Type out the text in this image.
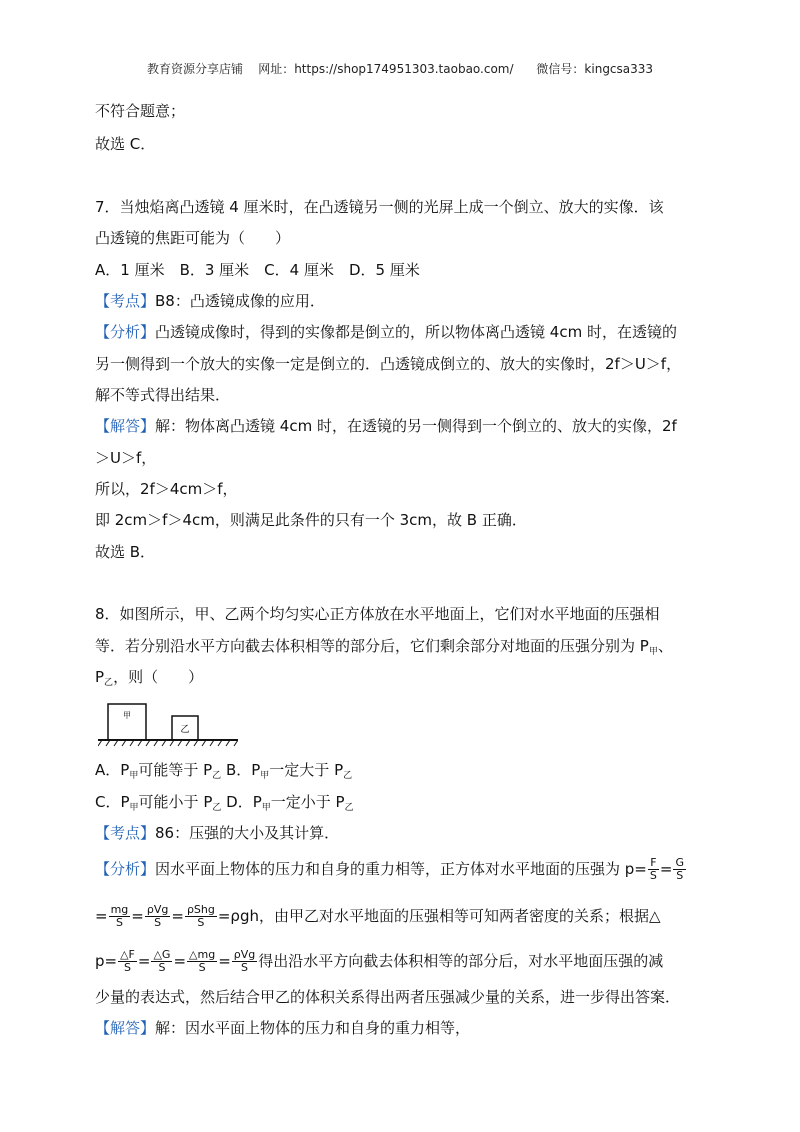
教育资源分享店铺    网址：https://shop174951303.taobao.com/      微信号：kingcsa333
不符合题意；
故选 C．
7．当烛焰离凸透镜 4 厘米时，在凸透镜另一侧的光屏上成一个倒立、放大的实像．该
凸透镜的焦距可能为（　　）
A．1 厘米　B．3 厘米　C．4 厘米　D．5 厘米
【考点】B8：凸透镜成像的应用．
【分析】凸透镜成像时，得到的实像都是倒立的，所以物体离凸透镜 4cm 时，在透镜的
另一侧得到一个放大的实像一定是倒立的．凸透镜成倒立的、放大的实像时，2f＞U＞f，
解不等式得出结果．
【解答】解：物体离凸透镜 4cm 时，在透镜的另一侧得到一个倒立的、放大的实像，2f
＞U＞f，
所以，2f＞4cm＞f，
即 2cm＞f＞4cm，则满足此条件的只有一个 3cm，故 B 正确．
故选 B．
8．如图所示，甲、乙两个均匀实心正方体放在水平地面上，它们对水平地面的压强相
等．若分别沿水平方向截去体积相等的部分后，它们剩余部分对地面的压强分别为 $P_甲$、
$P_乙$，则（　　）
甲
乙
A．$P_甲$可能等于 $P_乙$ B．$P_甲$一定大于 $P_乙$
C．$P_甲$可能小于 $P_乙$ D．$P_甲$一定小于 $P_乙$
【考点】86：压强的大小及其计算．
【分析】因水平面上物体的压力和自身的重力相等，正方体对水平地面的压强为 $p= \frac{F}{S} = \frac{G}{S}$
= $\frac{mg}{S} = \frac{\text{ρVg}}{S} = \frac{\text{ρShg}}{S} =\rho gh$，由甲乙对水平地面的压强相等可知两者密度的关系；根据△
$p= \frac{\triangle F}{S} = \frac{\triangle G}{S} = \frac{\triangle mg}{S} = \frac{\text{ρVg}}{S}$ 得出沿水平方向截去体积相等的部分后，对水平地面压强的减
少量的表达式，然后结合甲乙的体积关系得出两者压强减少量的关系，进一步得出答案．
【解答】解：因水平面上物体的压力和自身的重力相等，
